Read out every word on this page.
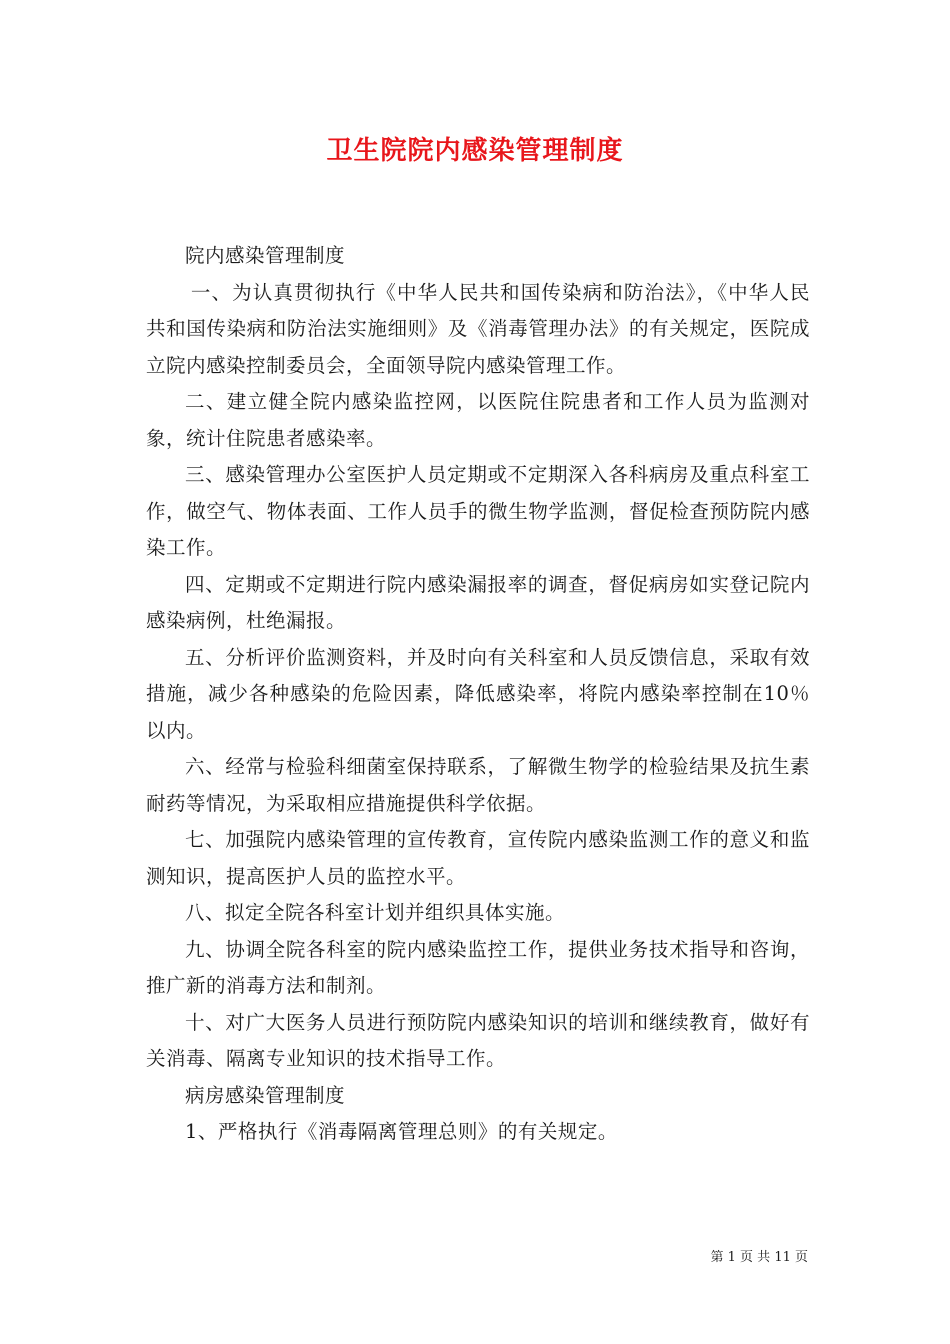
卫生院院内感染管理制度

院内感染管理制度

一、为认真贯彻执行《中华人民共和国传染病和防治法》，《中华人民共和国传染病和防治法实施细则》及《消毒管理办法》的有关规定，医院成立院内感染控制委员会，全面领导院内感染管理工作。

二、建立健全院内感染监控网，以医院住院患者和工作人员为监测对象，统计住院患者感染率。

三、感染管理办公室医护人员定期或不定期深入各科病房及重点科室工作，做空气、物体表面、工作人员手的微生物学监测，督促检查预防院内感染工作。

四、定期或不定期进行院内感染漏报率的调查，督促病房如实登记院内感染病例，杜绝漏报。

五、分析评价监测资料，并及时向有关科室和人员反馈信息，采取有效措施，减少各种感染的危险因素，降低感染率，将院内感染率控制在10％以内。

六、经常与检验科细菌室保持联系，了解微生物学的检验结果及抗生素耐药等情况，为采取相应措施提供科学依据。

七、加强院内感染管理的宣传教育，宣传院内感染监测工作的意义和监测知识，提高医护人员的监控水平。

八、拟定全院各科室计划并组织具体实施。

九、协调全院各科室的院内感染监控工作，提供业务技术指导和咨询，推广新的消毒方法和制剂。

十、对广大医务人员进行预防院内感染知识的培训和继续教育，做好有关消毒、隔离专业知识的技术指导工作。

病房感染管理制度

1、严格执行《消毒隔离管理总则》的有关规定。

第 1 页 共 11 页
